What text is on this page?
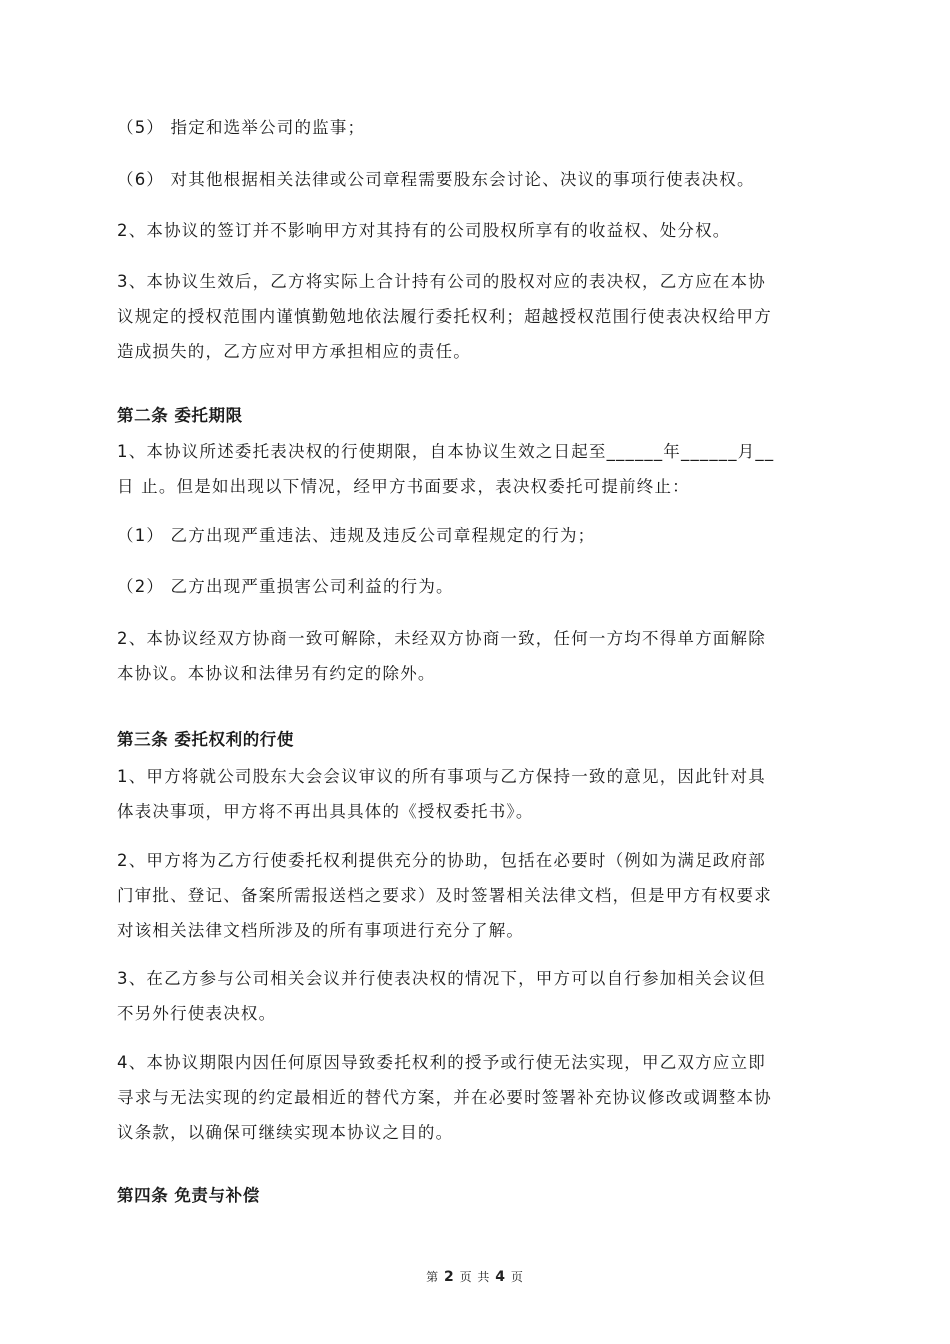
（5） 指定和选举公司的监事；

（6） 对其他根据相关法律或公司章程需要股东会讨论、决议的事项行使表决权。

2、本协议的签订并不影响甲方对其持有的公司股权所享有的收益权、处分权。

3、本协议生效后，乙方将实际上合计持有公司的股权对应的表决权，乙方应在本协
议规定的授权范围内谨慎勤勉地依法履行委托权利；超越授权范围行使表决权给甲方
造成损失的，乙方应对甲方承担相应的责任。

第二条 委托期限

1、本协议所述委托表决权的行使期限，自本协议生效之日起至______年______月__
日 止。但是如出现以下情况，经甲方书面要求，表决权委托可提前终止：

（1） 乙方出现严重违法、违规及违反公司章程规定的行为；

（2） 乙方出现严重损害公司利益的行为。

2、本协议经双方协商一致可解除，未经双方协商一致，任何一方均不得单方面解除
本协议。本协议和法律另有约定的除外。

第三条 委托权利的行使

1、甲方将就公司股东大会会议审议的所有事项与乙方保持一致的意见，因此针对具
体表决事项，甲方将不再出具具体的《授权委托书》。

2、甲方将为乙方行使委托权利提供充分的协助，包括在必要时（例如为满足政府部
门审批、登记、备案所需报送档之要求）及时签署相关法律文档，但是甲方有权要求
对该相关法律文档所涉及的所有事项进行充分了解。

3、在乙方参与公司相关会议并行使表决权的情况下，甲方可以自行参加相关会议但
不另外行使表决权。

4、本协议期限内因任何原因导致委托权利的授予或行使无法实现，甲乙双方应立即
寻求与无法实现的约定最相近的替代方案，并在必要时签署补充协议修改或调整本协
议条款，以确保可继续实现本协议之目的。

第四条 免责与补偿
第 2 页 共 4 页
